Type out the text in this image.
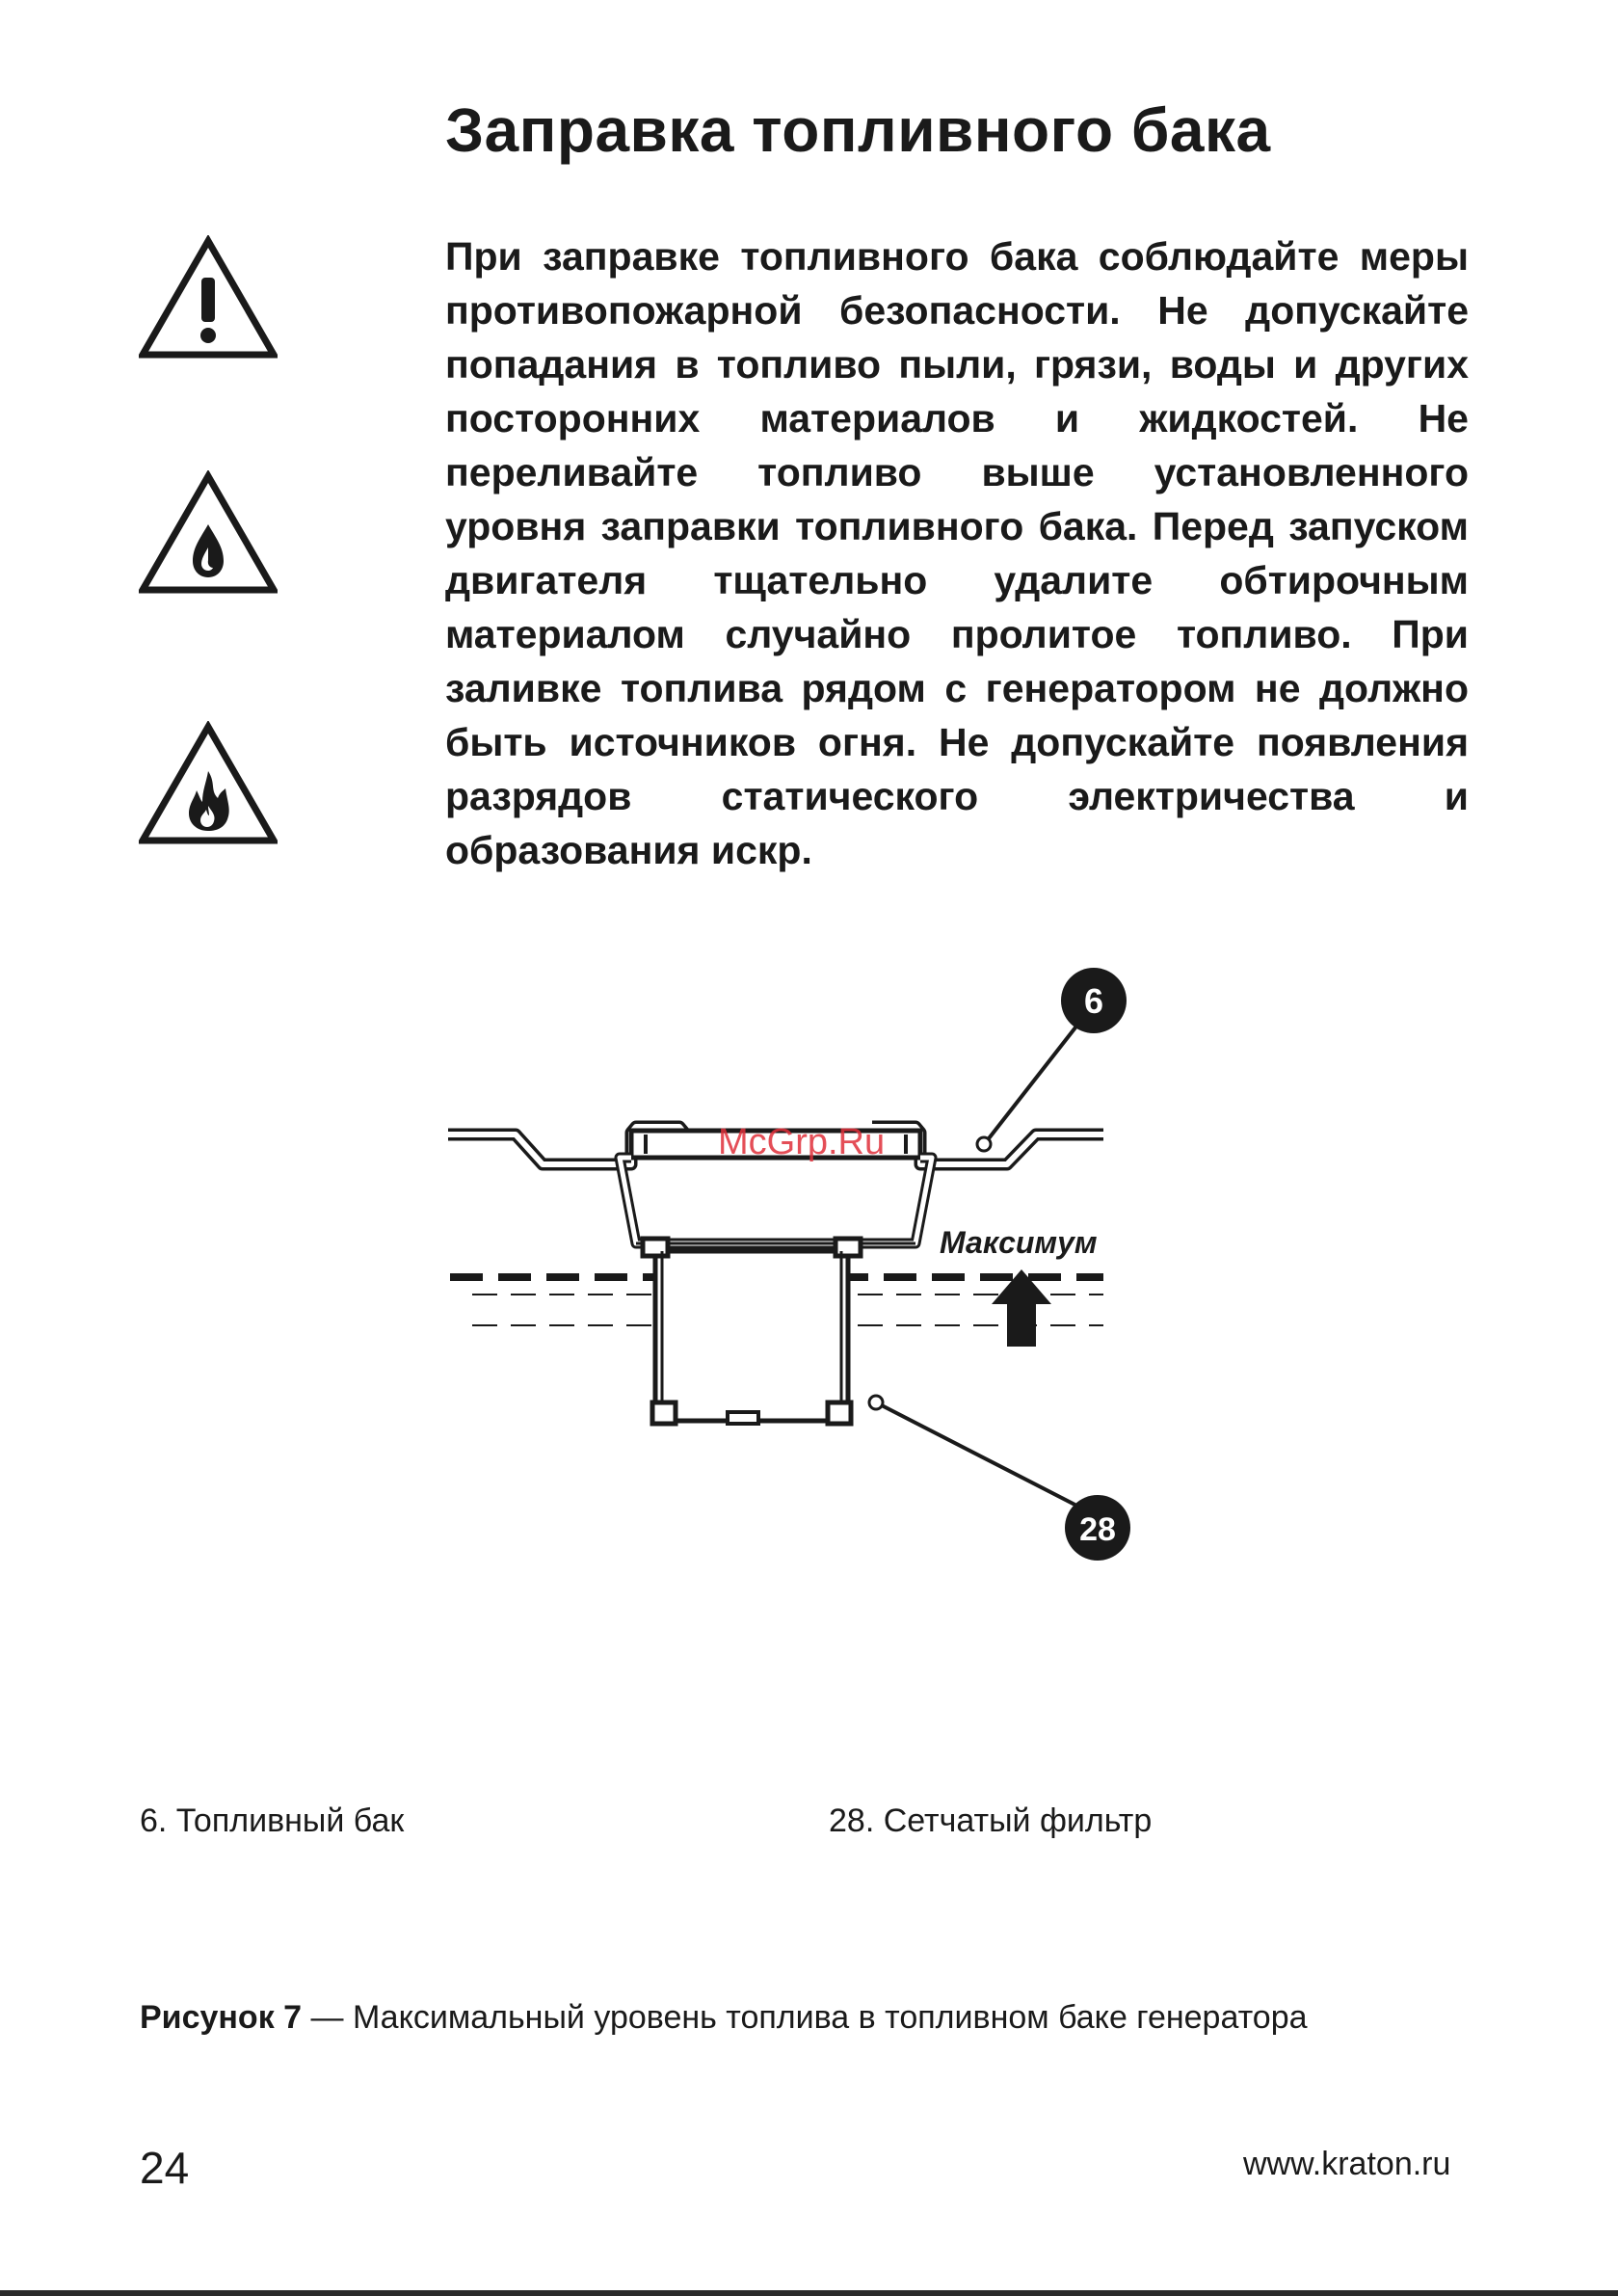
Заправка топливного бака
При заправке топливного бака соблюдайте меры противопожарной безопасности. Не допускайте попадания в топливо пыли, грязи, воды и других посторонних материалов и жидкостей. Не переливайте топливо выше установленного уровня заправки топливного бака. Перед запуском двигателя тщательно удалите обтирочным материалом случайно пролитое топливо. При заливке топлива рядом с генератором не должно быть источников огня. Не допускайте появления разрядов статического электричества и образования искр.
Максимум
McGrp.Ru
6
28
6. Топливный бак	28. Сетчатый фильтр
Рисунок 7 — Максимальный уровень топлива в топливном баке генератора
24	www.kraton.ru
